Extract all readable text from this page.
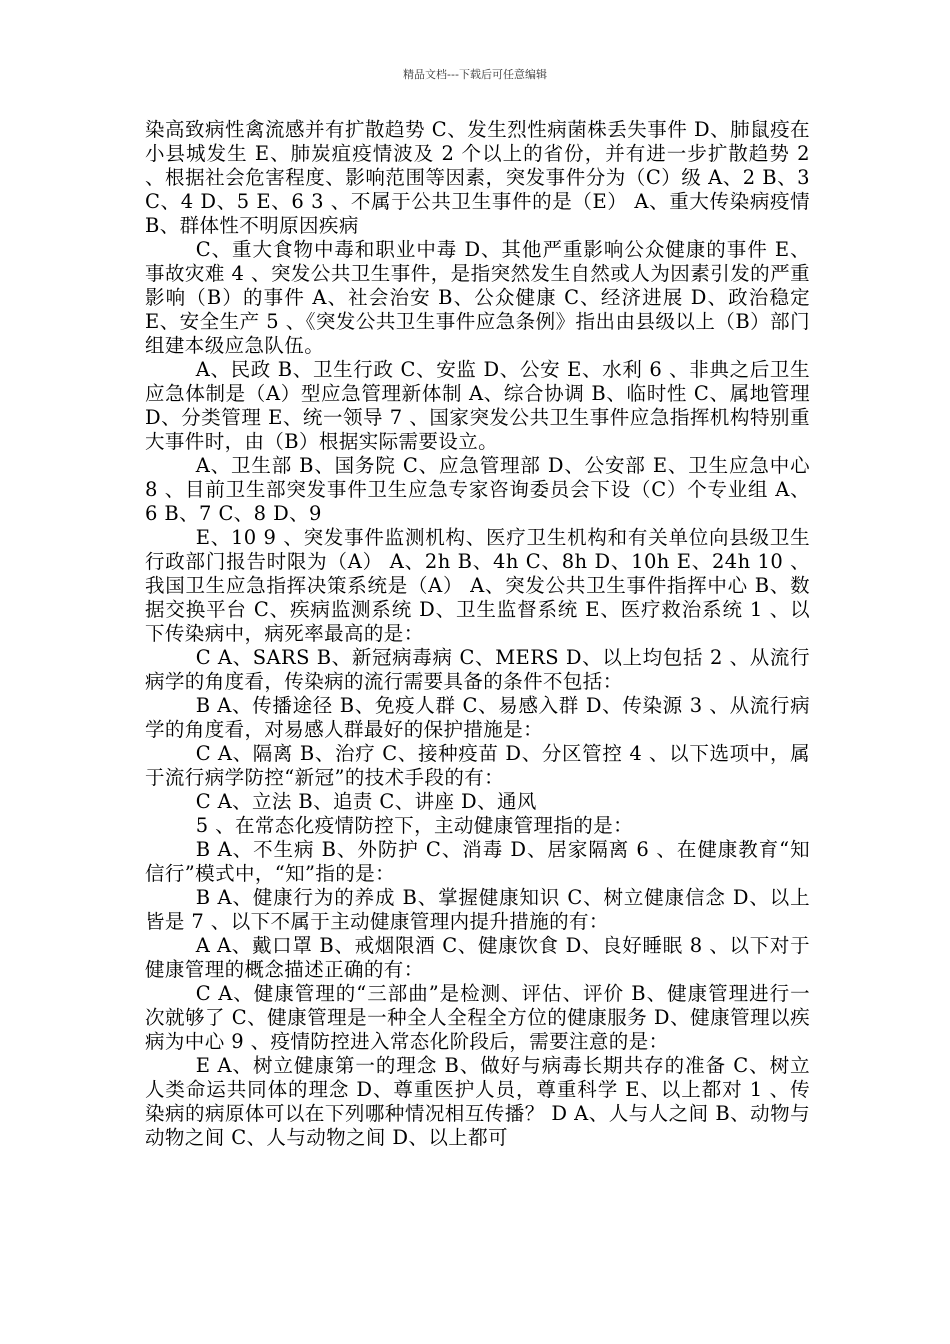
精品文档---下载后可任意编辑

染高致病性禽流感并有扩散趋势 C、发生烈性病菌株丢失事件 D、肺鼠疫在小县城发生 E、肺炭疽疫情波及 2 个以上的省份，并有进一步扩散趋势 2 、根据社会危害程度、影响范围等因素，突发事件分为（C）级 A、2 B、3 C、4 D、5 E、6 3 、不属于公共卫生事件的是（E） A、重大传染病疫情 B、群体性不明原因疾病

C、重大食物中毒和职业中毒 D、其他严重影响公众健康的事件 E、事故灾难 4 、突发公共卫生事件，是指突然发生自然或人为因素引发的严重影响（B）的事件 A、社会治安 B、公众健康 C、经济进展 D、政治稳定 E、安全生产 5 、《突发公共卫生事件应急条例》指出由县级以上（B）部门组建本级应急队伍。

A、民政 B、卫生行政 C、安监 D、公安 E、水利 6 、非典之后卫生应急体制是（A）型应急管理新体制 A、综合协调 B、临时性 C、属地管理 D、分类管理 E、统一领导 7 、国家突发公共卫生事件应急指挥机构特别重大事件时，由（B）根据实际需要设立。

A、卫生部 B、国务院 C、应急管理部 D、公安部 E、卫生应急中心 8 、目前卫生部突发事件卫生应急专家咨询委员会下设（C）个专业组 A、6 B、7 C、8 D、9

E、10 9 、突发事件监测机构、医疗卫生机构和有关单位向县级卫生行政部门报告时限为（A） A、2h B、4h C、8h D、10h E、24h 10 、我国卫生应急指挥决策系统是（A） A、突发公共卫生事件指挥中心 B、数据交换平台 C、疾病监测系统 D、卫生监督系统 E、医疗救治系统 1 、以下传染病中，病死率最高的是：

C A、SARS B、新冠病毒病 C、MERS D、以上均包括 2 、从流行病学的角度看，传染病的流行需要具备的条件不包括：

B A、传播途径 B、免疫人群 C、易感入群 D、传染源 3 、从流行病学的角度看，对易感人群最好的保护措施是：

C A、隔离 B、治疗 C、接种疫苗 D、分区管控 4 、以下选项中，属于流行病学防控“新冠”的技术手段的有：

C A、立法 B、追责 C、讲座 D、通风

5 、在常态化疫情防控下，主动健康管理指的是：

B A、不生病 B、外防护 C、消毒 D、居家隔离 6 、在健康教育“知信行”模式中，“知”指的是：

B A、健康行为的养成 B、掌握健康知识 C、树立健康信念 D、以上皆是 7 、以下不属于主动健康管理内提升措施的有：

A A、戴口罩 B、戒烟限酒 C、健康饮食 D、良好睡眠 8 、以下对于健康管理的概念描述正确的有：

C A、健康管理的“三部曲”是检测、评估、评价 B、健康管理进行一次就够了 C、健康管理是一种全人全程全方位的健康服务 D、健康管理以疾病为中心 9 、疫情防控进入常态化阶段后，需要注意的是：

E A、树立健康第一的理念 B、做好与病毒长期共存的准备 C、树立人类命运共同体的理念 D、尊重医护人员，尊重科学 E、以上都对 1 、传染病的病原体可以在下列哪种情况相互传播？ D A、人与人之间 B、动物与动物之间 C、人与动物之间 D、以上都可
